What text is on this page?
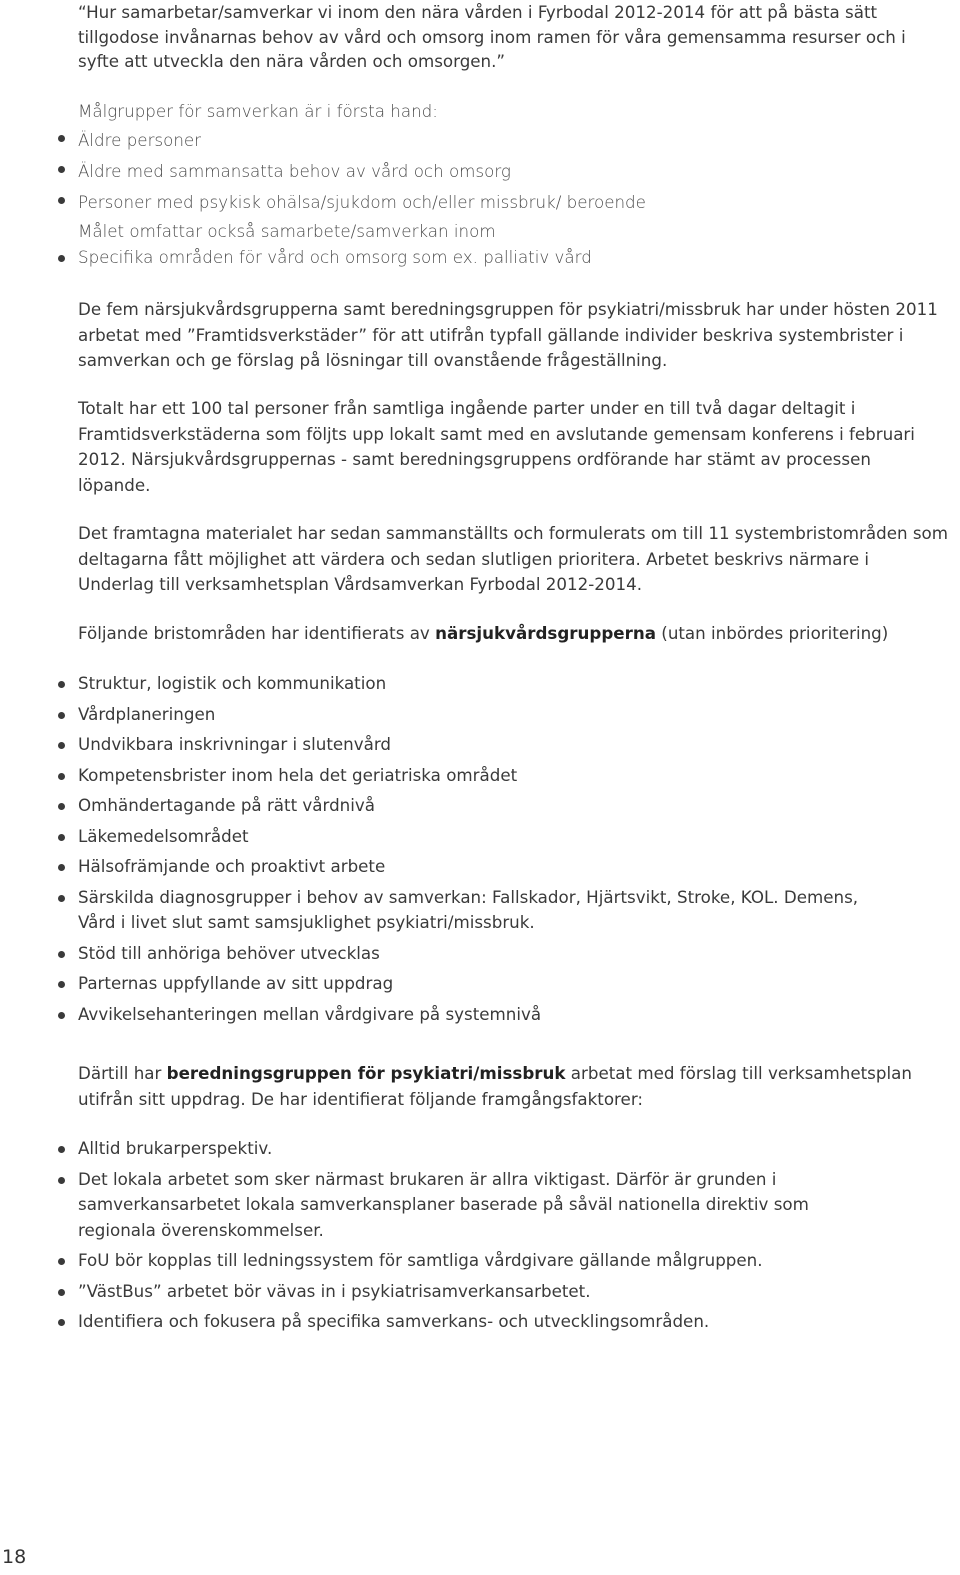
“Hur samarbetar/samverkar vi inom den nära vården i Fyrbodal 2012-2014 för att på bästa sätt tillgodose invånarnas behov av vård och omsorg inom ramen för våra gemensamma resurser och i syfte att utveckla den nära vården och omsorgen.”

Målgrupper för samverkan är i första hand:

Äldre personer
Äldre med sammansatta behov av vård och omsorg
Personer med psykisk ohälsa/sjukdom och/eller missbruk/ beroende

Målet omfattar också samarbete/samverkan inom

Specifika områden för vård och omsorg som ex. palliativ vård

De fem närsjukvårdsgrupperna samt beredningsgruppen för psykiatri/missbruk har under hösten 2011 arbetat med ”Framtidsverkstäder” för att utifrån typfall gällande individer beskriva systembrister i samverkan och ge förslag på lösningar till ovanstående frågeställning.

Totalt har ett 100 tal personer från samtliga ingående parter under en till två dagar deltagit i Framtidsverkstäderna som följts upp lokalt samt med en avslutande gemensam konferens i februari 2012. Närsjukvårdsgruppernas - samt beredningsgruppens ordförande har stämt av processen löpande.

Det framtagna materialet har sedan sammanställts och formulerats om till 11 systembristområden som deltagarna fått möjlighet att värdera och sedan slutligen prioritera. Arbetet beskrivs närmare i Underlag till verksamhetsplan Vårdsamverkan Fyrbodal 2012-2014.

Följande bristområden har identifierats av närsjukvårdsgrupperna (utan inbördes prioritering)

Struktur, logistik och kommunikation
Vårdplaneringen
Undvikbara inskrivningar i slutenvård
Kompetensbrister inom hela det geriatriska området
Omhändertagande på rätt vårdnivå
Läkemedelsområdet
Hälsofrämjande och proaktivt arbete
Särskilda diagnosgrupper i behov av samverkan: Fallskador, Hjärtsvikt, Stroke, KOL. Demens, Vård i livet slut samt samsjuklighet psykiatri/missbruk.
Stöd till anhöriga behöver utvecklas
Parternas uppfyllande av sitt uppdrag
Avvikelsehanteringen mellan vårdgivare på systemnivå

Därtill har beredningsgruppen för psykiatri/missbruk arbetat med förslag till verksamhetsplan utifrån sitt uppdrag. De har identifierat följande framgångsfaktorer:

Alltid brukarperspektiv.
Det lokala arbetet som sker närmast brukaren är allra viktigast. Därför är grunden i samverkansarbetet lokala samverkansplaner baserade på såväl nationella direktiv som regionala överenskommelser.
FoU bör kopplas till ledningssystem för samtliga vårdgivare gällande målgruppen.
”VästBus” arbetet bör vävas in i psykiatrisamverkansarbetet.
Identifiera och fokusera på specifika samverkans- och utvecklingsområden.
18
